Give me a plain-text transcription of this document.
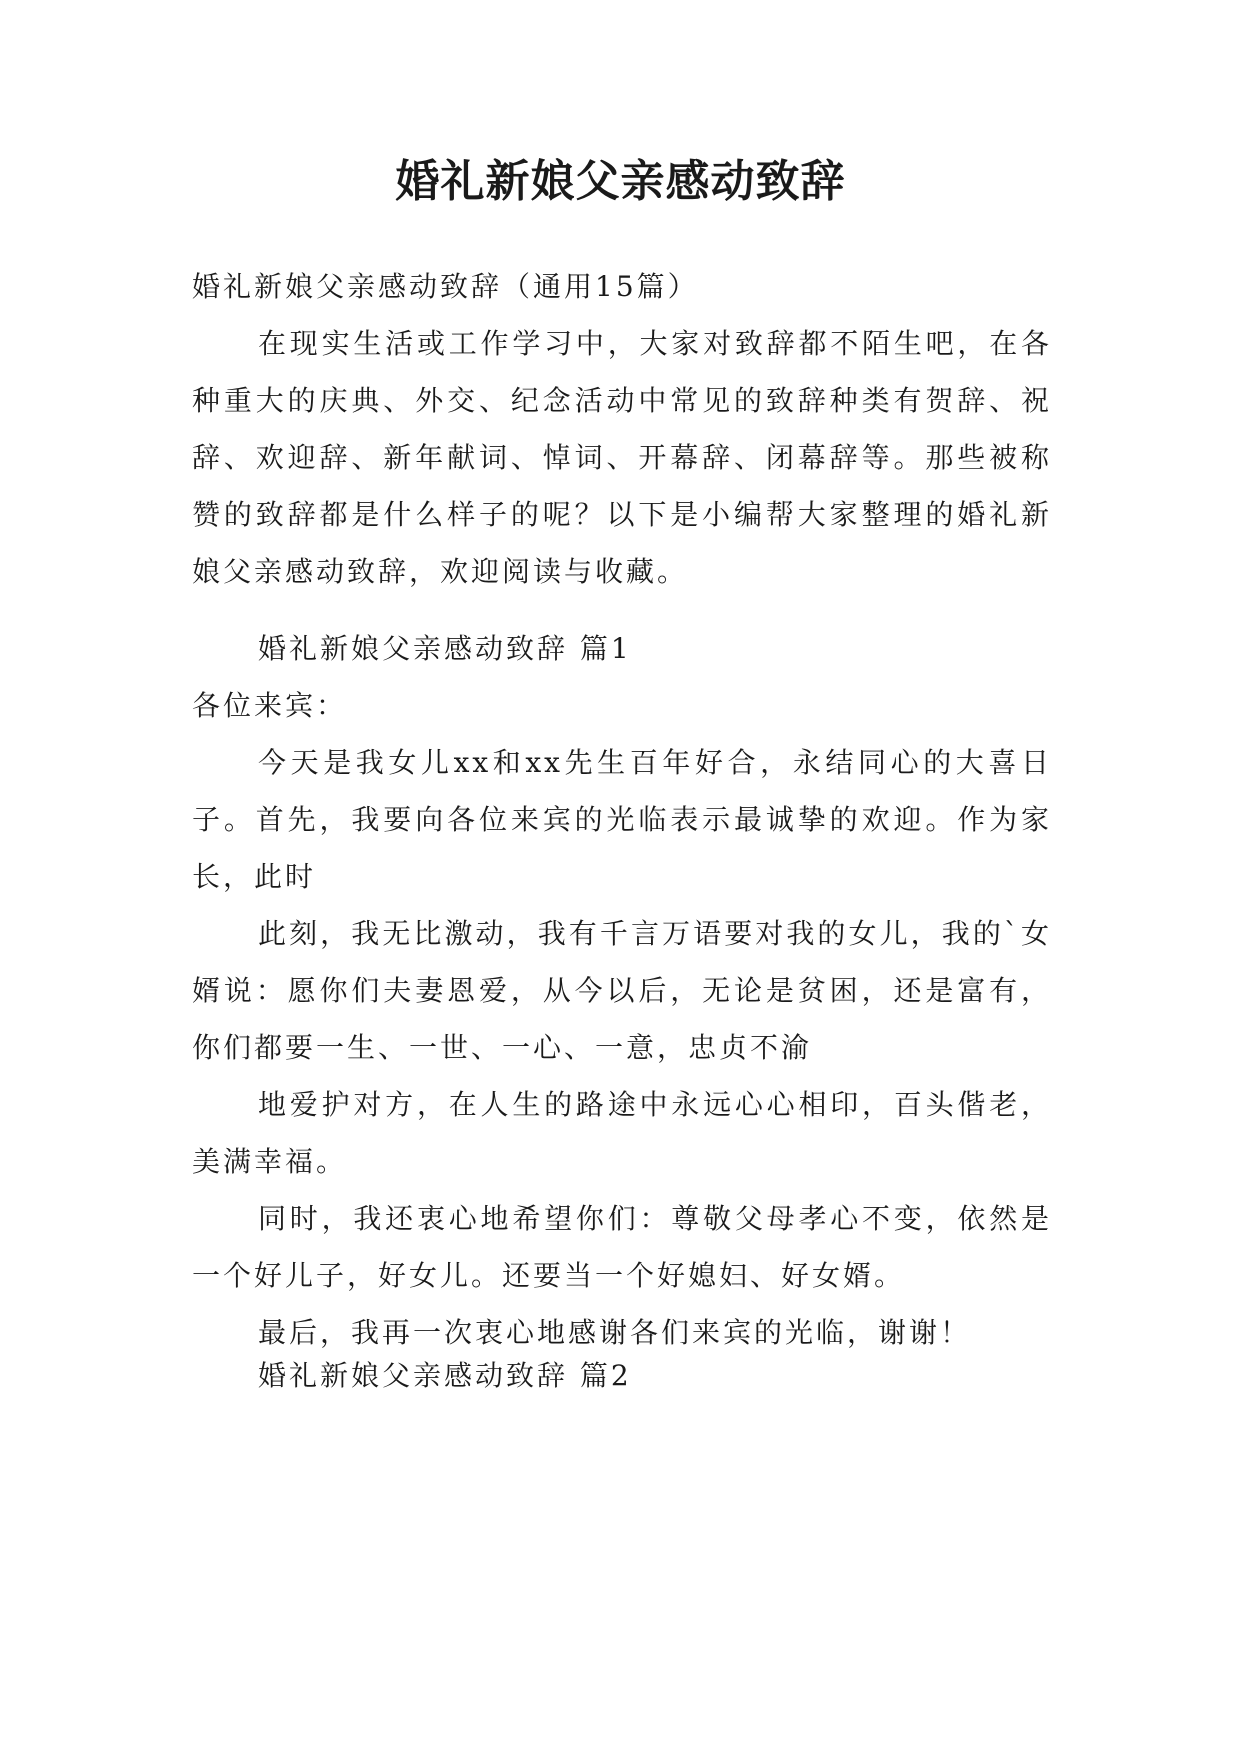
婚礼新娘父亲感动致辞

婚礼新娘父亲感动致辞（通用15篇）

在现实生活或工作学习中，大家对致辞都不陌生吧，在各种重大的庆典、外交、纪念活动中常见的致辞种类有贺辞、祝辞、欢迎辞、新年献词、悼词、开幕辞、闭幕辞等。那些被称赞的致辞都是什么样子的呢？以下是小编帮大家整理的婚礼新娘父亲感动致辞，欢迎阅读与收藏。

婚礼新娘父亲感动致辞 篇1

各位来宾：

今天是我女儿xx和xx先生百年好合，永结同心的大喜日子。首先，我要向各位来宾的光临表示最诚挚的欢迎。作为家长，此时

此刻，我无比激动，我有千言万语要对我的女儿，我的`女婿说：愿你们夫妻恩爱，从今以后，无论是贫困，还是富有，你们都要一生、一世、一心、一意，忠贞不渝

地爱护对方，在人生的路途中永远心心相印，百头偕老，美满幸福。

同时，我还衷心地希望你们：尊敬父母孝心不变，依然是一个好儿子，好女儿。还要当一个好媳妇、好女婿。

最后，我再一次衷心地感谢各们来宾的光临，谢谢！

婚礼新娘父亲感动致辞 篇2
